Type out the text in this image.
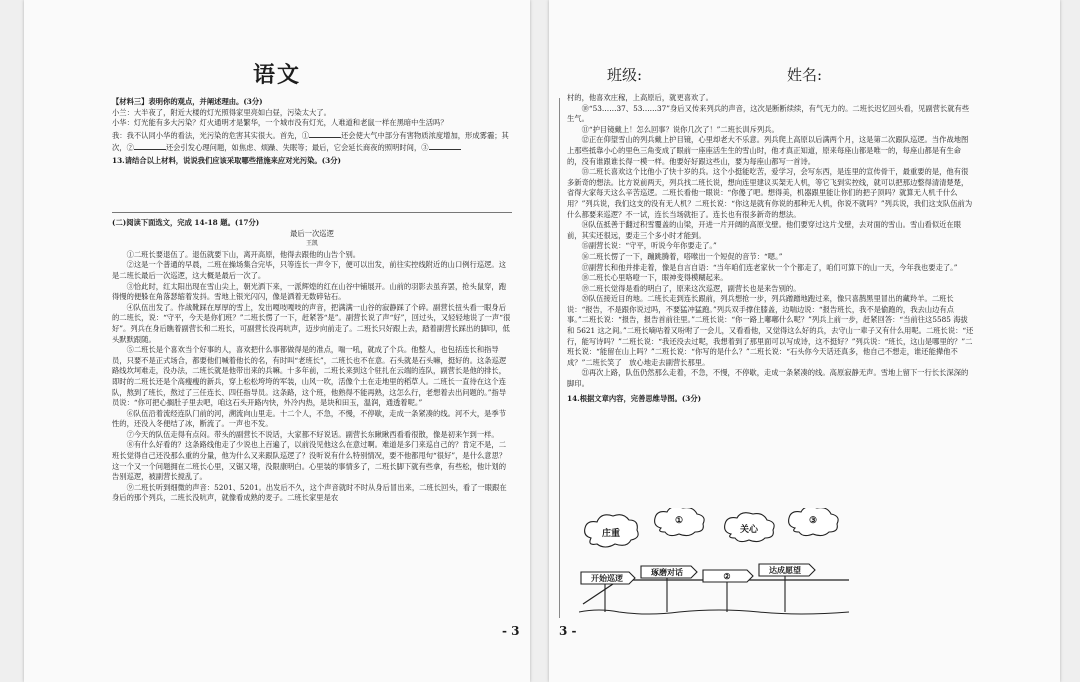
语文

【材料三】表明你的观点，并阐述理由。(3分)

小兰：大半夜了，附近大楼的灯光照得家里亮如白昼，污染太大了。

小华：灯光能有多大污染？灯火通明才是繁华，一个城市没有灯光，人难道和老鼠一样在黑暗中生活吗？

我：我不认同小华的看法，光污染的危害其实很大。首先，①	还会使大气中部分有害物质浓度增加，形成雾霾；其次，②	还会引发心理问题，如焦虑、烦躁、失眠等；最后，它会延长商夜的照明时间，③

13.请结合以上材料，说说我们应该采取哪些措施来应对光污染。(3分)

(二)阅读下面选文，完成 14-18 题。(17分)

最后一次巡逻

王凯

①二班长要退伍了。退伍就要下山，离开高原，他得去跟他的山告个别。

②这是一个普通的早晨，二班在操场集合完毕，只等连长一声令下，便可以出发，前往实控线附近的山口例行巡逻。这是二班长最后一次巡逻，这大概是最后一次了。

③恰此时，红太阳出现在雪山尖上，朝光洒下来，一派辉煌的红在山谷中铺展开。山前的羽影去虽弃罢，抢头鼠穿，跑得慢的便躲在角落瑟缩着发抖。雪地上银光闪闪，像是洒着无数碎钻石。

④队伍出发了。作战靴踩在厚厚的雪上，发出嘎吱嘎吱的声音，把满满一山谷的寂静踩了个碎。副营长扭头看一眼身后的二班长，说：“守平，今天是你们班？”二班长愣了一下，赶紧答“是”。副营长说了声“好”，回过头，又轻轻地说了一声“很好”。列兵在身后瞧着副营长和二班长，可副营长没再吭声，迈步向前走了。二班长只好跟上去，踏着副营长踩出的脚印，低头默默跟随。

⑤二班长是个喜欢当个好事的人，喜欢把什么事都做得是的准点，喘一吼，就成了个兵。他整人，也包括连长和指导员，只要不是正式场合，都要他们喊着他长的名，有时叫“老班长”，二班长也不在意。石头就是石头嘛，挺好的。这条巡逻路线坎坷难走，没办法，二班长就是他带出来的兵嘛。十多年前，二班长来到这个驻扎在云端的连队，副营长是他的排长，即时的二班长还是个高瘦瘦的新兵，穿上松松垮垮的军装，山风一吹，活像个土在走地里的稻草人。二班长一直待在这个连队，熬到了班长，熬过了三任连长、四任指导员。这条路，这个班，他熟得不能再熟，这怎么行，老想着去出问题的。”指导员说：“你可把心搁肚子里去吧，咱这石头开路内快，外冷内热，是块和田玉，温润，通透着呢。”

⑥队伍沿着流经连队门前的河，溯流向山里走。十二个人，不急，不慢，不停歇，走成一条紧凑的线。河不大，是季节性的，还没入冬便结了冰，断流了。一声也不发。

⑦今天的队伍走得有点闷。带头的副营长不说话，大家都不好说话。副营长东瞅瞅西看看很散，像是初来乍到一样。

⑧有什么好看的？这条路线他走了少说也上百遍了，以前没见他这么在意过啊。难道是多门来巡自己的？肯定不是，二班长觉得自己还没那么重的分量，他为什么又来跟队巡逻了？没听说有什么特别情况，要不他都甩句“很好”，是什么意思？这一个又一个问题拥在二班长心里，又锯又堵，没限康明白。心里装的事情多了，二班长脚下就有些拿，有些松，他计划的告别巡逻，被副营长搅乱了。

⑨二班长听到细微的声音：5201、5201。出发后不久，这个声音就时不时从身后冒出来，二班长回头，看了一眼跟在身后的那个列兵，二班长没吭声，就像看成熟的麦子。二班长家里是农

- 3
班级:	姓名:

村的，他喜欢庄稼，上高原后，就更喜欢了。

⑩“53……37、53……37”身后又传来列兵的声音，这次是断断续续，有气无力的。二班长迟忆回头看，见副营长就有些生气。

⑪“护目镜戴上！怎么回事？说你几次了！”二班长训斥列兵。

⑫正在仰望雪山的列兵戴上护目镜，心里却老大不乐意。列兵爬上高原以后满两个月，这是第二次跟队巡逻。当作战地图上那些抵靠小心的里色三角变成了眼前一座座活生生的雪山时，他才真正知道，原来每座山都是唯一的，每座山都是有生命的，没有谁跟谁长得一模一样。他要好好跟这些山，要为每座山都写一首诗。

⑬二班长喜欢这个比他小了快十岁的兵。这个小挺能吃苦，爱学习，会写东西，是连里的宣传骨干，最重要的是，他有很多新奇的想法。比方说前两天，列兵找二班长说，想向连里建议买架无人机，等它飞到实控线，就可以把那边整得清清楚楚，省得大家每天这么辛苦巡逻。二班长看他一眼说：“你傻了吧。想得美，机器跟里能让你们的把子顶吗？就算无人机千什么用？”列兵说，我们这支的没有无人机？二班长说：“你这是就有你说的那种无人机，你说不就吗？”列兵说，我们这支队伍前为什么都要来巡逻？不一试，连长当场就拒了。连长也有很多新奇的想法。

⑭队伍抵善于翻过积雪覆盖的山梁，开进一片开阔的高原戈壁。他们要穿过这片戈壁，去对面的雪山。雪山看似近在眼前，其实还很远，要走三个多小时才能到。

⑮副营长说：“守平，听说今年你要走了。”

⑯二班长愣了一下，蹦跳腾着，嗒喉出一个短促的音节：“嗯。”

⑰副营长和他并排走着，像是自言自语：“当年咱们连老家伙一个个都走了，咱们可算下的山一天，今年我也要走了。”

⑱二班长心里咯噔一下，眼神变得模糊起来。

⑲二班长觉得是看的明白了，原来这次巡逻，副营长也是来告别的。

⑳队伍接近目的地。二班长走到连长跟前，列兵想抢一步，列兵蹭蹭地跑过来，像只喜鹊黑里冒出的藏羚羊。二班长说：“报告，不是跟你说过吗，不要猛冲猛跑。”列兵双手撑住膝盖，边喘边说：“报告班长，我不是偷跑的，我去山边有点事。”二班长说：“报告，报告首前往里。”二班长说：“你一路上嘟嘟什么呢？”列兵上前一步，赶紧回答：“当前往这5585 海拔和 5621 这之间。”二班长嘀咕着又吩咐了一会儿，又看看他，又觉得这么好的兵，去守山一辈子又有什么用呢。二班长说：“还行，能写诗吗？”二班长说：“我还没去过呢，我想着到了那里面可以写成诗，这不挺好？”列兵说：“班长，这山是哪里的？”二班长说：“能留在山上吗？”二班长说：“你写的是什么？”二班长说：“石头你今天话还真多，他自己不想走，谁还能撵他不成？”二班长笑了　放心地走去副营长那里。

㉑再次上路，队伍仍然那么走着，不急，不慢，不停歇，走成一条紧凑的线。高原寂静无声。雪地上留下一行长长深深的脚印。

14.根据文章内容，完善思维导图。(3分)

庄重
①
关心
③
开始巡逻
琢磨对话	②
达成愿望
3 -
